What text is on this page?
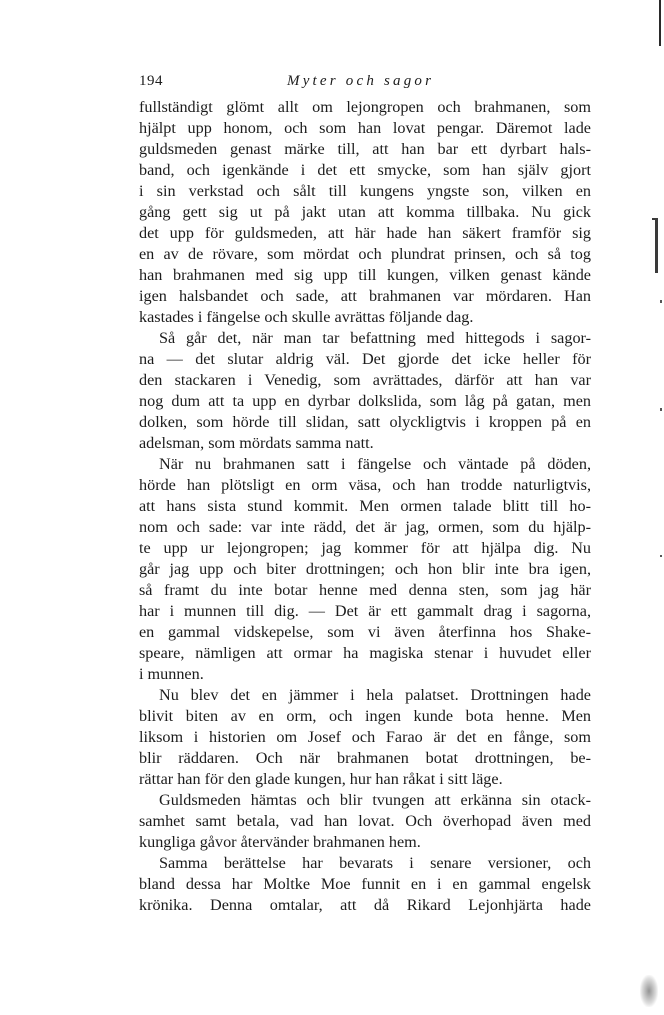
194	Myter och sagor
fullständigt glömt allt om lejongropen och brahmanen, som
hjälpt upp honom, och som han lovat pengar. Däremot lade
guldsmeden genast märke till, att han bar ett dyrbart hals-
band, och igenkände i det ett smycke, som han själv gjort
i sin verkstad och sålt till kungens yngste son, vilken en
gång gett sig ut på jakt utan att komma tillbaka. Nu gick
det upp för guldsmeden, att här hade han säkert framför sig
en av de rövare, som mördat och plundrat prinsen, och så tog
han brahmanen med sig upp till kungen, vilken genast kände
igen halsbandet och sade, att brahmanen var mördaren. Han
kastades i fängelse och skulle avrättas följande dag.
Så går det, när man tar befattning med hittegods i sagor-
na — det slutar aldrig väl. Det gjorde det icke heller för
den stackaren i Venedig, som avrättades, därför att han var
nog dum att ta upp en dyrbar dolkslida, som låg på gatan, men
dolken, som hörde till slidan, satt olyckligtvis i kroppen på en
adelsman, som mördats samma natt.
När nu brahmanen satt i fängelse och väntade på döden,
hörde han plötsligt en orm väsa, och han trodde naturligtvis,
att hans sista stund kommit. Men ormen talade blitt till ho-
nom och sade: var inte rädd, det är jag, ormen, som du hjälp-
te upp ur lejongropen; jag kommer för att hjälpa dig. Nu
går jag upp och biter drottningen; och hon blir inte bra igen,
så framt du inte botar henne med denna sten, som jag här
har i munnen till dig. — Det är ett gammalt drag i sagorna,
en gammal vidskepelse, som vi även återfinna hos Shake-
speare, nämligen att ormar ha magiska stenar i huvudet eller
i munnen.
Nu blev det en jämmer i hela palatset. Drottningen hade
blivit biten av en orm, och ingen kunde bota henne. Men
liksom i historien om Josef och Farao är det en fånge, som
blir räddaren. Och när brahmanen botat drottningen, be-
rättar han för den glade kungen, hur han råkat i sitt läge.
Guldsmeden hämtas och blir tvungen att erkänna sin otack-
samhet samt betala, vad han lovat. Och överhopad även med
kungliga gåvor återvänder brahmanen hem.
Samma berättelse har bevarats i senare versioner, och
bland dessa har Moltke Moe funnit en i en gammal engelsk
krönika. Denna omtalar, att då Rikard Lejonhjärta hade
